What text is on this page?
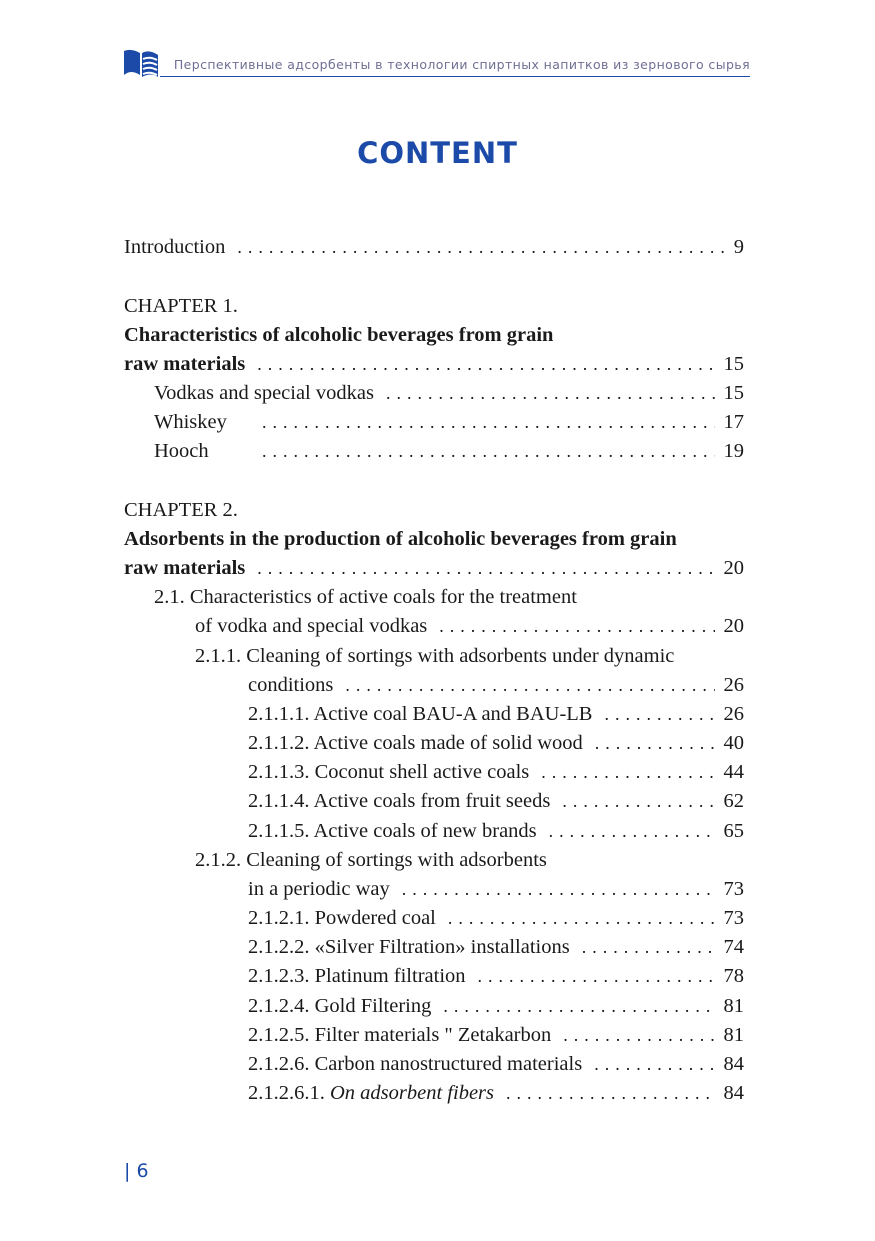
Перспективные адсорбенты в технологии спиртных напитков из зернового сырья
CONTENT
Introduction . . .	9
CHAPTER 1.
Characteristics of alcoholic beverages from grain
raw materials . . .	15
Vodkas and special vodkas . . .	15
Whiskey . . .	17
Hooch . . .	19
CHAPTER 2.
Adsorbents in the production of alcoholic beverages from grain
raw materials . . .	20
2.1. Characteristics of active coals for the treatment
of vodka and special vodkas . . .	20
2.1.1. Cleaning of sortings with adsorbents under dynamic
conditions . . .	26
2.1.1.1. Active coal BAU-A and BAU-LB . . .	26
2.1.1.2. Active coals made of solid wood . . .	40
2.1.1.3. Coconut shell active coals . . .	44
2.1.1.4. Active coals from fruit seeds . . .	62
2.1.1.5. Active coals of new brands . . .	65
2.1.2. Cleaning of sortings with adsorbents
in a periodic way . . .	73
2.1.2.1. Powdered coal . . .	73
2.1.2.2. «Silver Filtration» installations . . .	74
2.1.2.3. Platinum filtration . . .	78
2.1.2.4. Gold Filtering . . .	81
2.1.2.5. Filter materials " Zetakarbon . . .	81
2.1.2.6. Carbon nanostructured materials . . .	84
2.1.2.6.1. On adsorbent fibers . . .	84
| 6
